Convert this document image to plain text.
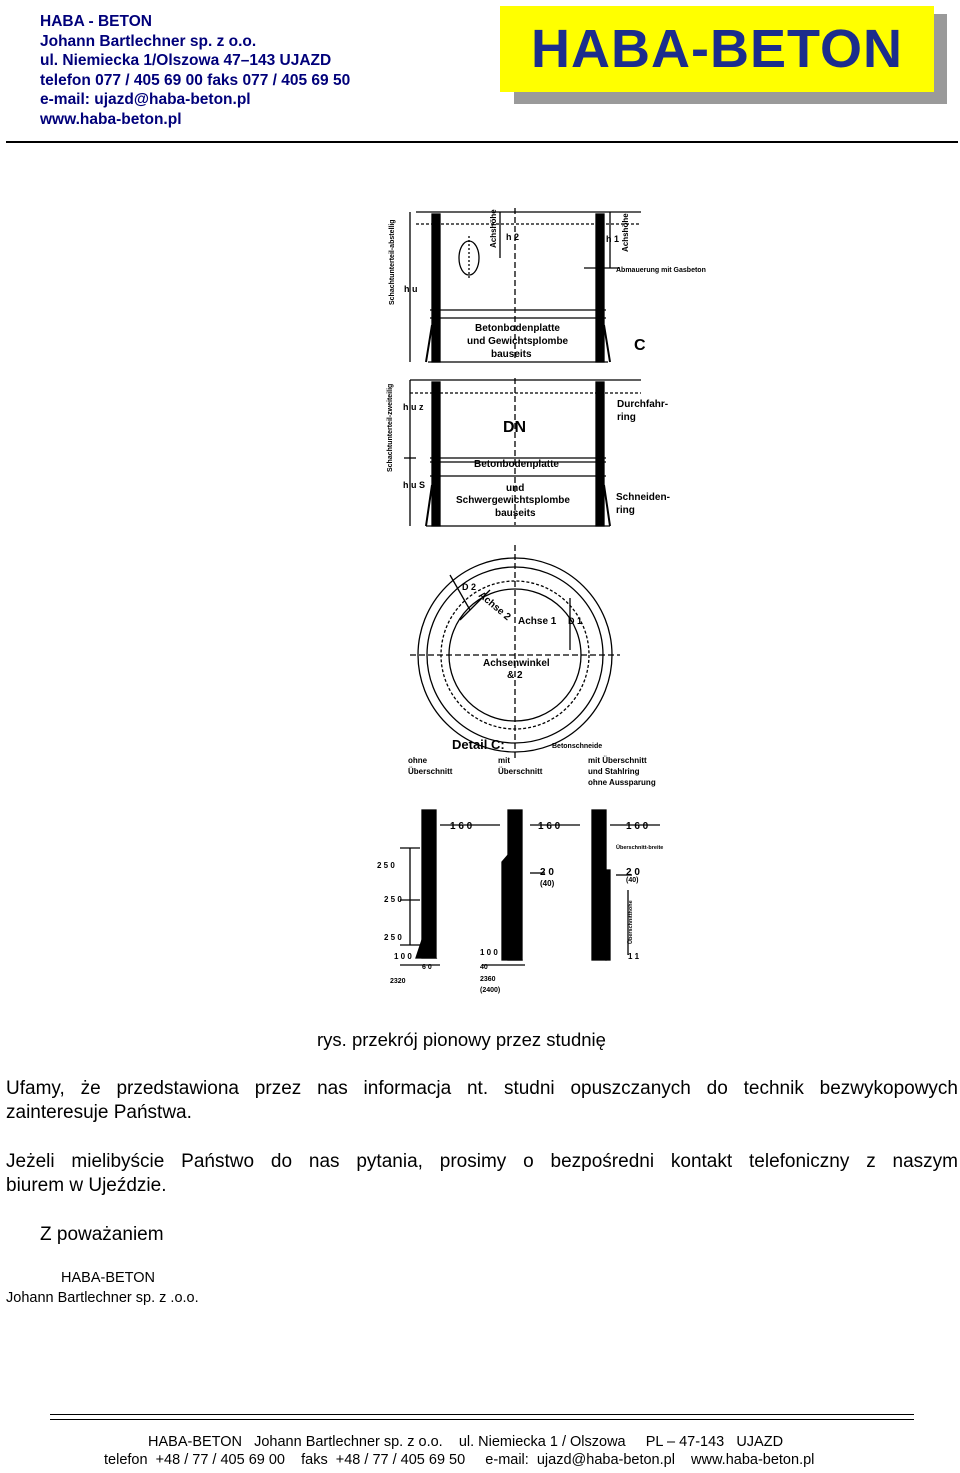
HABA - BETON
Johann Bartlechner sp. z o.o.
ul. Niemiecka 1/Olszowa 47–143 UJAZD
telefon 077 / 405 69 00 faks 077 / 405 69 50
e-mail: ujazd@haba-beton.pl
www.haba-beton.pl
HABA-BETON
Achshöhe h 2	Achshöhe
h 1
Abmauerung mit Gasbeton
Schachtunterteil-abstellig h u
Betonbodenplatte
und Gewichtsplombe
bauseits
C
h u z
h u S
Schachtunterteil-zweiteilig	DN
Durchfahr-
ring
Betonbodenplatte
und
Schwergewichtsplombe
bauseits
Schneiden-
ring
D 2
Achse 2 Achse 1 D 1
Achsenwinkel
& 2
Detail C:	Betonschneide
ohne
Überschnitt
mit
Überschnitt
mit Überschnitt
und Stahlring
ohne Aussparung
1 6 0	1 6 0	1 6 0
2 5 0
2 5 0
2 5 0
1 0 0
6 0
2320
2 0
(40)
1 0 0
40
2360
(2400)
Überschnitt-breite
2 0
(40)
Überschnitthöhe
1 1
rys. przekrój pionowy przez studnię
Ufamy, że przedstawiona przez nas informacja nt. studni opuszczanych do technik bezwykopowych
zainteresuje Państwa.
Jeżeli mielibyście Państwo do nas pytania, prosimy o bezpośredni kontakt telefoniczny z naszym
biurem w Ujeździe.
Z poważaniem
HABA-BETON
Johann Bartlechner sp. z .o.o.
HABA-BETON   Johann Bartlechner sp. z o.o.    ul. Niemiecka 1 / Olszowa     PL – 47-143   UJAZD
telefon  +48 / 77 / 405 69 00    faks  +48 / 77 / 405 69 50     e-mail:  ujazd@haba-beton.pl    www.haba-beton.pl
